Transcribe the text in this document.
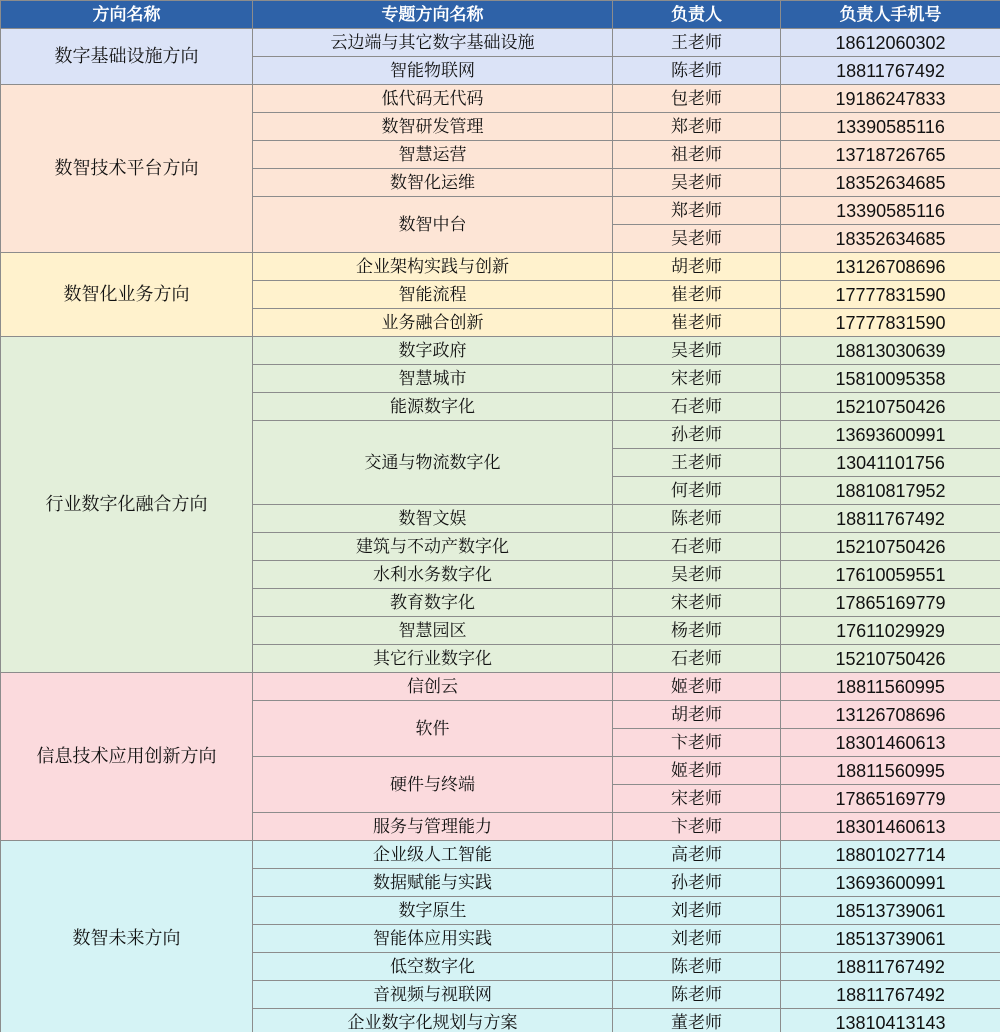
方向名称	专题方向名称	负责人	负责人手机号
数字基础设施方向	云边端与其它数字基础设施	王老师	18612060302
	智能物联网	陈老师	18811767492
数智技术平台方向	低代码无代码	包老师	19186247833
	数智研发管理	郑老师	13390585116
	智慧运营	祖老师	13718726765
	数智化运维	吴老师	18352634685
	数智中台	郑老师	13390585116
		吴老师	18352634685
数智化业务方向	企业架构实践与创新	胡老师	13126708696
	智能流程	崔老师	17777831590
	业务融合创新	崔老师	17777831590
行业数字化融合方向	数字政府	吴老师	18813030639
	智慧城市	宋老师	15810095358
	能源数字化	石老师	15210750426
	交通与物流数字化	孙老师	13693600991
		王老师	13041101756
		何老师	18810817952
	数智文娱	陈老师	18811767492
	建筑与不动产数字化	石老师	15210750426
	水利水务数字化	吴老师	17610059551
	教育数字化	宋老师	17865169779
	智慧园区	杨老师	17611029929
	其它行业数字化	石老师	15210750426
信息技术应用创新方向	信创云	姬老师	18811560995
	软件	胡老师	13126708696
		卞老师	18301460613
	硬件与终端	姬老师	18811560995
		宋老师	17865169779
	服务与管理能力	卞老师	18301460613
数智未来方向	企业级人工智能	高老师	18801027714
	数据赋能与实践	孙老师	13693600991
	数字原生	刘老师	18513739061
	智能体应用实践	刘老师	18513739061
	低空数字化	陈老师	18811767492
	音视频与视联网	陈老师	18811767492
	企业数字化规划与方案	董老师	13810413143
